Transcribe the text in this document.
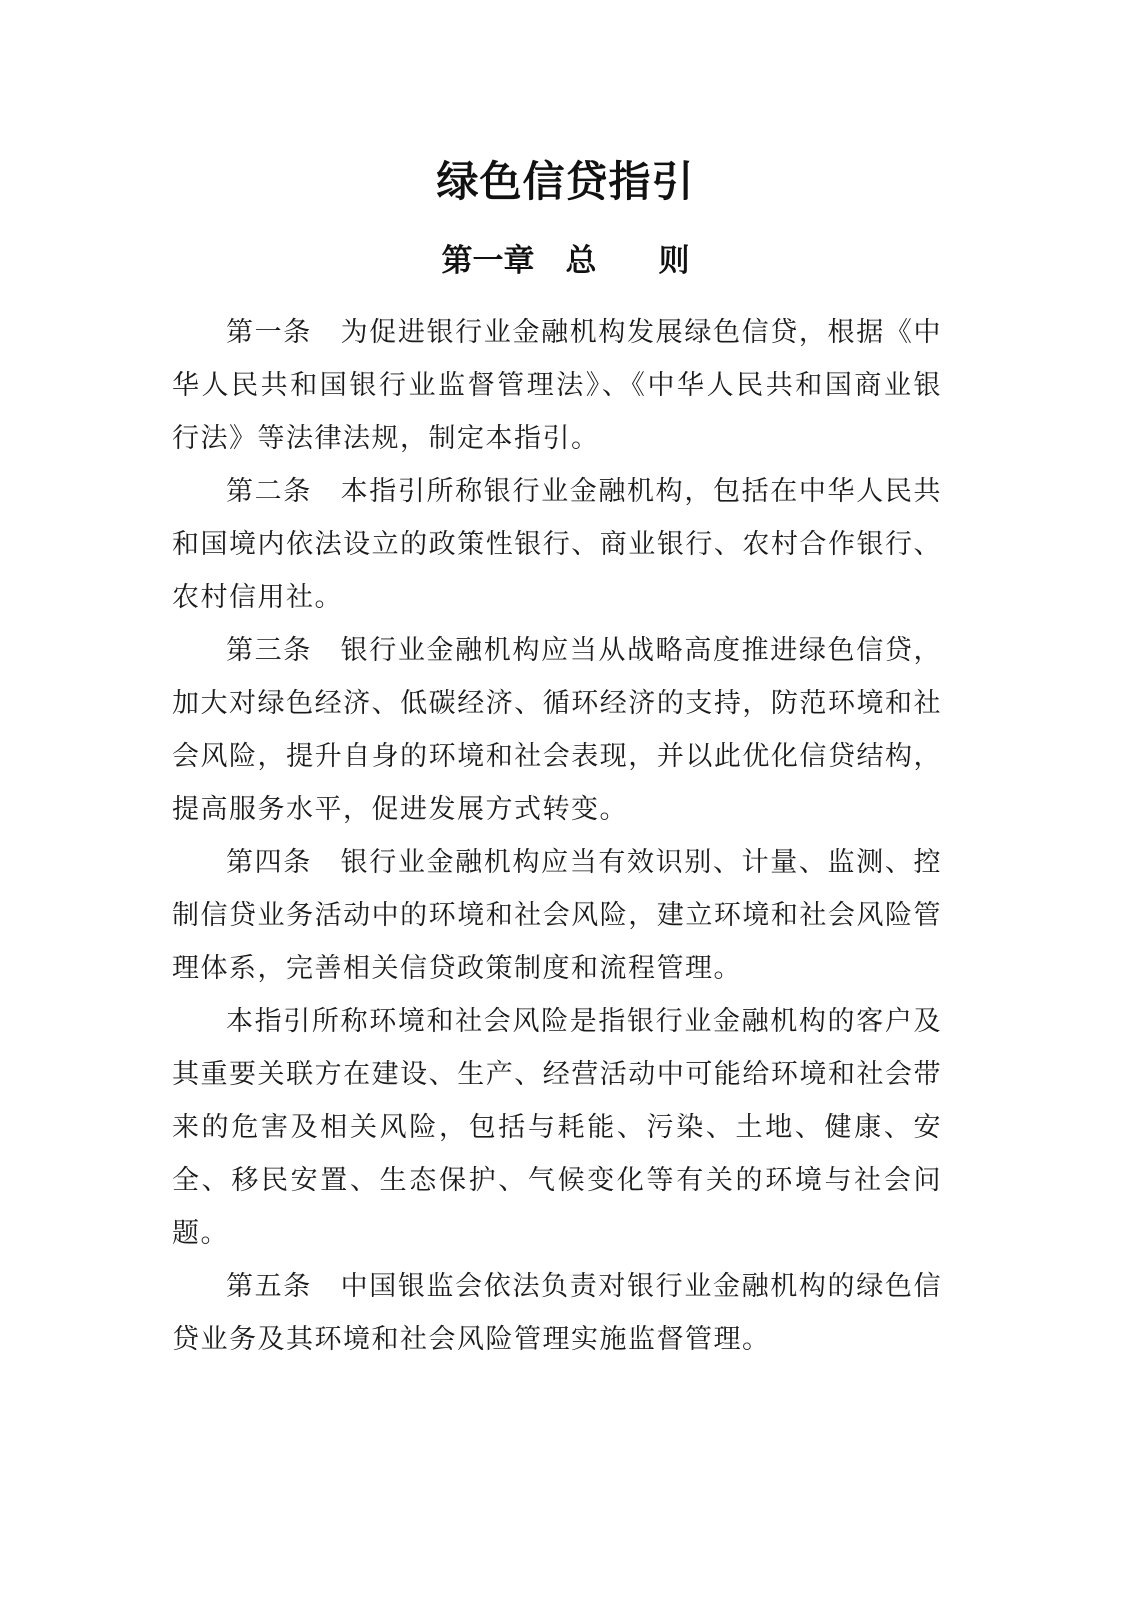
绿色信贷指引
第一章　总　　则

第一条　为促进银行业金融机构发展绿色信贷，根据《中华人民共和国银行业监督管理法》、《中华人民共和国商业银行法》等法律法规，制定本指引。

第二条　本指引所称银行业金融机构，包括在中华人民共和国境内依法设立的政策性银行、商业银行、农村合作银行、农村信用社。

第三条　银行业金融机构应当从战略高度推进绿色信贷，加大对绿色经济、低碳经济、循环经济的支持，防范环境和社会风险，提升自身的环境和社会表现，并以此优化信贷结构，提高服务水平，促进发展方式转变。

第四条　银行业金融机构应当有效识别、计量、监测、控制信贷业务活动中的环境和社会风险，建立环境和社会风险管理体系，完善相关信贷政策制度和流程管理。

本指引所称环境和社会风险是指银行业金融机构的客户及其重要关联方在建设、生产、经营活动中可能给环境和社会带来的危害及相关风险，包括与耗能、污染、土地、健康、安全、移民安置、生态保护、气候变化等有关的环境与社会问题。

第五条　中国银监会依法负责对银行业金融机构的绿色信贷业务及其环境和社会风险管理实施监督管理。
